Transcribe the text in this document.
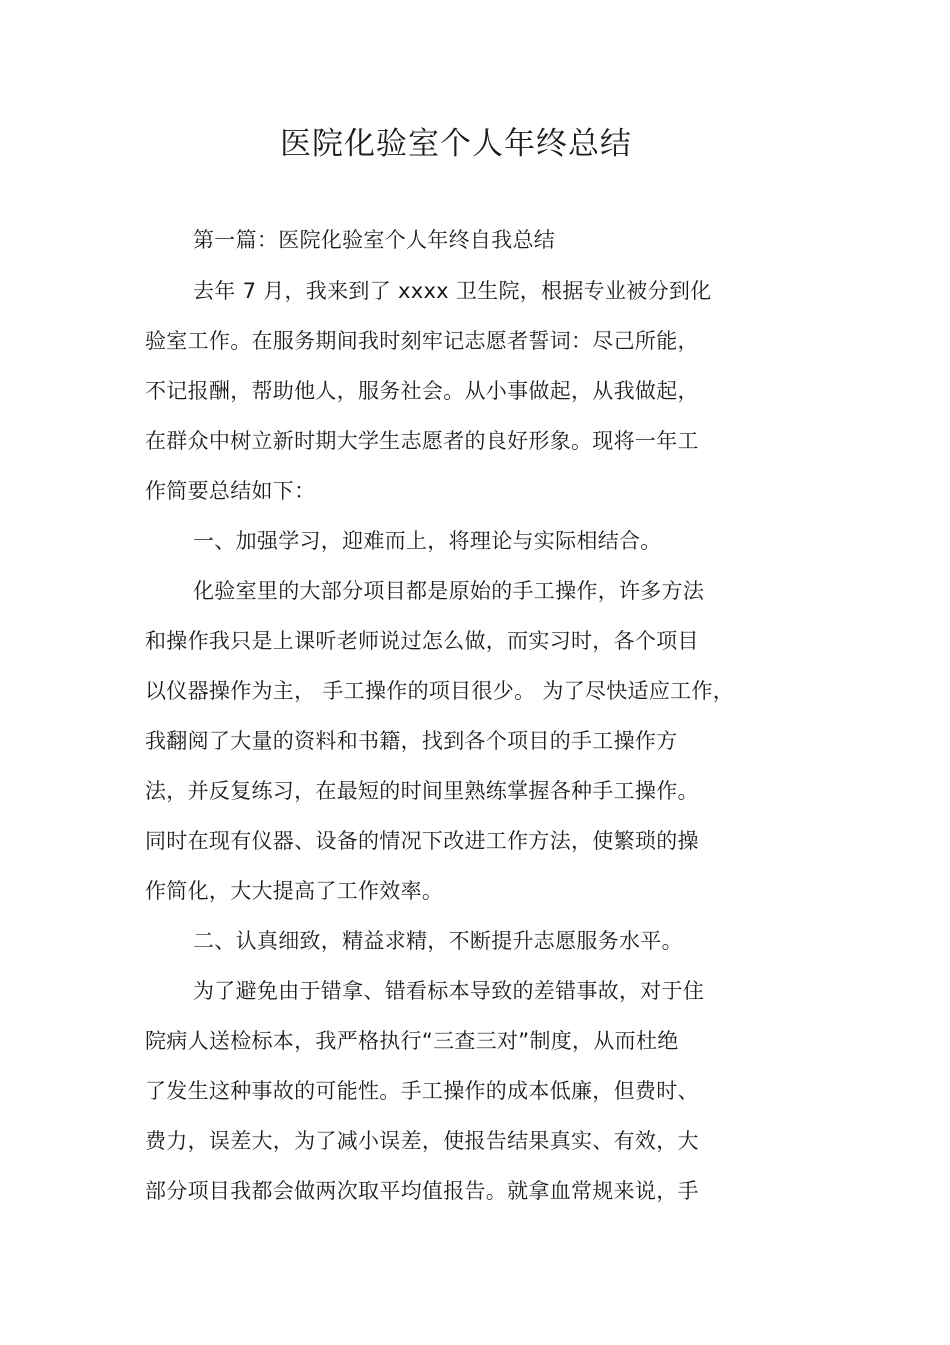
医院化验室个人年终总结
第一篇：医院化验室个人年终自我总结
去年 7 月，我来到了 xxxx 卫生院，根据专业被分到化
验室工作。在服务期间我时刻牢记志愿者誓词：尽己所能，
不记报酬，帮助他人，服务社会。从小事做起，从我做起，
在群众中树立新时期大学生志愿者的良好形象。现将一年工
作简要总结如下：
一、加强学习，迎难而上，将理论与实际相结合。
化验室里的大部分项目都是原始的手工操作，许多方法
和操作我只是上课听老师说过怎么做，而实习时，各个项目
以仪器操作为主， 手工操作的项目很少。 为了尽快适应工作，
我翻阅了大量的资料和书籍，找到各个项目的手工操作方
法，并反复练习，在最短的时间里熟练掌握各种手工操作。
同时在现有仪器、设备的情况下改进工作方法，使繁琐的操
作简化，大大提高了工作效率。
二、认真细致，精益求精，不断提升志愿服务水平。
为了避免由于错拿、错看标本导致的差错事故，对于住
院病人送检标本，我严格执行“三查三对”制度，从而杜绝
了发生这种事故的可能性。手工操作的成本低廉，但费时、
费力，误差大，为了减小误差，使报告结果真实、有效，大
部分项目我都会做两次取平均值报告。就拿血常规来说，手
